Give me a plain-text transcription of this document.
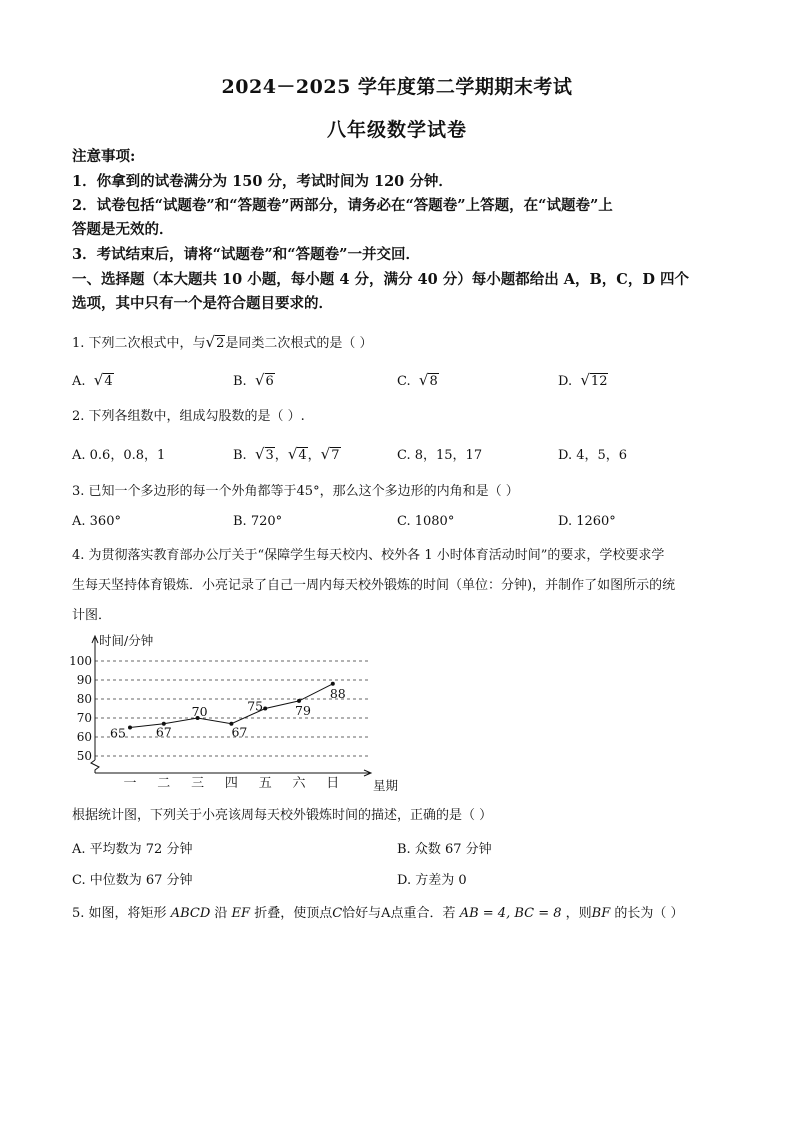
2024－2025 学年度第二学期期末考试
八年级数学试卷
注意事项:
1．你拿到的试卷满分为 150 分，考试时间为 120 分钟．
2．试卷包括“试题卷”和“答题卷”两部分，请务必在“答题卷”上答题，在“试题卷”上
答题是无效的．
3．考试结束后，请将“试题卷”和“答题卷”一并交回．
一、选择题（本大题共 10 小题，每小题 4 分，满分 40 分）每小题都给出 A，B，C，D 四个
选项，其中只有一个是符合题目要求的．
1. 下列二次根式中，与√2是同类二次根式的是（ ）
A. √4	B. √6	C. √8	D. √12
2. 下列各组数中，组成勾股数的是（ ）.
A. 0.6，0.8，1	B. √3，√4，√7	C. 8，15，17	D. 4，5，6
3. 已知一个多边形的每一个外角都等于45°，那么这个多边形的内角和是（ ）
A. 360°	B. 720°	C. 1080°	D. 1260°
4. 为贯彻落实教育部办公厅关于“保障学生每天校内、校外各 1 小时体育活动时间”的要求，学校要求学
生每天坚持体育锻炼．小亮记录了自己一周内每天校外锻炼的时间（单位：分钟)，并制作了如图所示的统
计图．
50
60
70
80
90
100
时间/分钟
星期
一 二 三 四 五 六 日
65 67
70
67
75	79
88
根据统计图，下列关于小亮该周每天校外锻炼时间的描述，正确的是（ ）
A. 平均数为 72 分钟	B. 众数 67 分钟
C. 中位数为 67 分钟	D. 方差为 0
5. 如图，将矩形 ABCD 沿 EF 折叠，使顶点C恰好与A点重合．若 AB = 4, BC = 8 ，则BF 的长为（ ）
